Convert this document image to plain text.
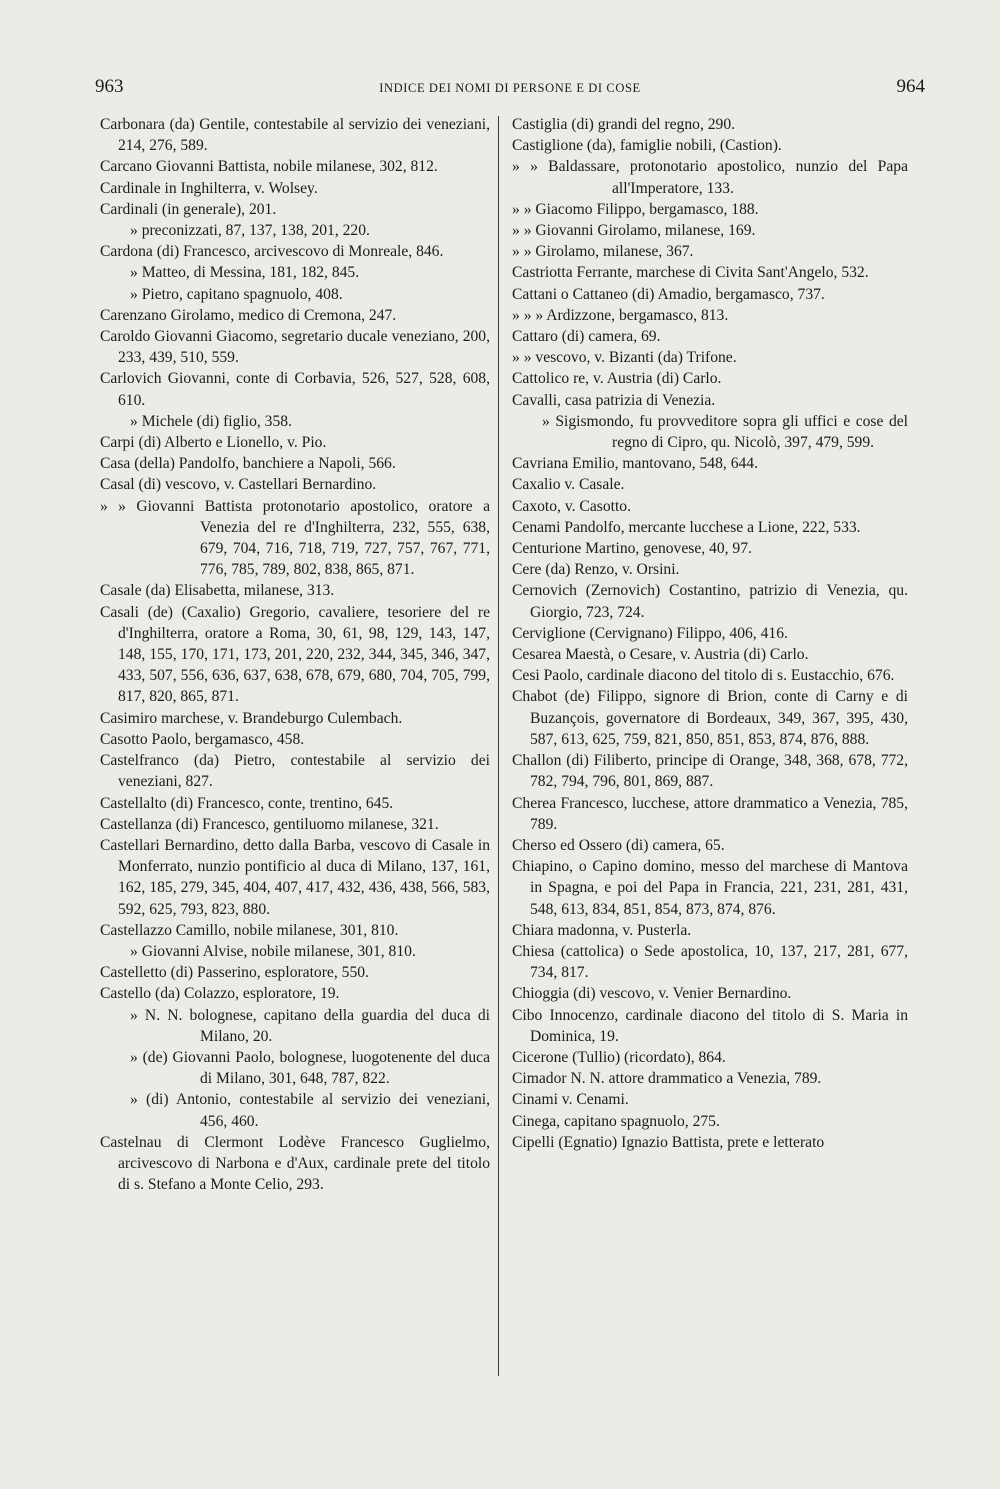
963	INDICE DEI NOMI DI PERSONE E DI COSE	964
Carbonara (da) Gentile, contestabile al servizio dei veneziani, 214, 276, 589.
Carcano Giovanni Battista, nobile milanese, 302, 812.
Cardinale in Inghilterra, v. Wolsey.
Cardinali (in generale), 201.
» preconizzati, 87, 137, 138, 201, 220.
Cardona (di) Francesco, arcivescovo di Monreale, 846.
» Matteo, di Messina, 181, 182, 845.
» Pietro, capitano spagnuolo, 408.
Carenzano Girolamo, medico di Cremona, 247.
Caroldo Giovanni Giacomo, segretario ducale veneziano, 200, 233, 439, 510, 559.
Carlovich Giovanni, conte di Corbavia, 526, 527, 528, 608, 610.
» Michele (di) figlio, 358.
Carpi (di) Alberto e Lionello, v. Pio.
Casa (della) Pandolfo, banchiere a Napoli, 566.
Casal (di) vescovo, v. Castellari Bernardino.
» » Giovanni Battista protonotario apostolico, oratore a Venezia del re d'Inghilterra, 232, 555, 638, 679, 704, 716, 718, 719, 727, 757, 767, 771, 776, 785, 789, 802, 838, 865, 871.
Casale (da) Elisabetta, milanese, 313.
Casali (de) (Caxalio) Gregorio, cavaliere, tesoriere del re d'Inghilterra, oratore a Roma, 30, 61, 98, 129, 143, 147, 148, 155, 170, 171, 173, 201, 220, 232, 344, 345, 346, 347, 433, 507, 556, 636, 637, 638, 678, 679, 680, 704, 705, 799, 817, 820, 865, 871.
Casimiro marchese, v. Brandeburgo Culembach.
Casotto Paolo, bergamasco, 458.
Castelfranco (da) Pietro, contestabile al servizio dei veneziani, 827.
Castellalto (di) Francesco, conte, trentino, 645.
Castellanza (di) Francesco, gentiluomo milanese, 321.
Castellari Bernardino, detto dalla Barba, vescovo di Casale in Monferrato, nunzio pontificio al duca di Milano, 137, 161, 162, 185, 279, 345, 404, 407, 417, 432, 436, 438, 566, 583, 592, 625, 793, 823, 880.
Castellazzo Camillo, nobile milanese, 301, 810.
» Giovanni Alvise, nobile milanese, 301, 810.
Castelletto (di) Passerino, esploratore, 550.
Castello (da) Colazzo, esploratore, 19.
» N. N. bolognese, capitano della guardia del duca di Milano, 20.
» (de) Giovanni Paolo, bolognese, luogotenente del duca di Milano, 301, 648, 787, 822.
» (di) Antonio, contestabile al servizio dei veneziani, 456, 460.
Castelnau di Clermont Lodève Francesco Guglielmo, arcivescovo di Narbona e d'Aux, cardinale prete del titolo di s. Stefano a Monte Celio, 293.
Castiglia (di) grandi del regno, 290.
Castiglione (da), famiglie nobili, (Castion).
» » Baldassare, protonotario apostolico, nunzio del Papa all'Imperatore, 133.
» » Giacomo Filippo, bergamasco, 188.
» » Giovanni Girolamo, milanese, 169.
» » Girolamo, milanese, 367.
Castriotta Ferrante, marchese di Civita Sant'Angelo, 532.
Cattani o Cattaneo (di) Amadio, bergamasco, 737.
» » » Ardizzone, bergamasco, 813.
Cattaro (di) camera, 69.
» » vescovo, v. Bizanti (da) Trifone.
Cattolico re, v. Austria (di) Carlo.
Cavalli, casa patrizia di Venezia.
» Sigismondo, fu provveditore sopra gli uffici e cose del regno di Cipro, qu. Nicolò, 397, 479, 599.
Cavriana Emilio, mantovano, 548, 644.
Caxalio v. Casale.
Caxoto, v. Casotto.
Cenami Pandolfo, mercante lucchese a Lione, 222, 533.
Centurione Martino, genovese, 40, 97.
Cere (da) Renzo, v. Orsini.
Cernovich (Zernovich) Costantino, patrizio di Venezia, qu. Giorgio, 723, 724.
Cerviglione (Cervignano) Filippo, 406, 416.
Cesarea Maestà, o Cesare, v. Austria (di) Carlo.
Cesi Paolo, cardinale diacono del titolo di s. Eustacchio, 676.
Chabot (de) Filippo, signore di Brion, conte di Carny e di Buzançois, governatore di Bordeaux, 349, 367, 395, 430, 587, 613, 625, 759, 821, 850, 851, 853, 874, 876, 888.
Challon (di) Filiberto, principe di Orange, 348, 368, 678, 772, 782, 794, 796, 801, 869, 887.
Cherea Francesco, lucchese, attore drammatico a Venezia, 785, 789.
Cherso ed Ossero (di) camera, 65.
Chiapino, o Capino domino, messo del marchese di Mantova in Spagna, e poi del Papa in Francia, 221, 231, 281, 431, 548, 613, 834, 851, 854, 873, 874, 876.
Chiara madonna, v. Pusterla.
Chiesa (cattolica) o Sede apostolica, 10, 137, 217, 281, 677, 734, 817.
Chioggia (di) vescovo, v. Venier Bernardino.
Cibo Innocenzo, cardinale diacono del titolo di S. Maria in Dominica, 19.
Cicerone (Tullio) (ricordato), 864.
Cimador N. N. attore drammatico a Venezia, 789.
Cinami v. Cenami.
Cinega, capitano spagnuolo, 275.
Cipelli (Egnatio) Ignazio Battista, prete e letterato
